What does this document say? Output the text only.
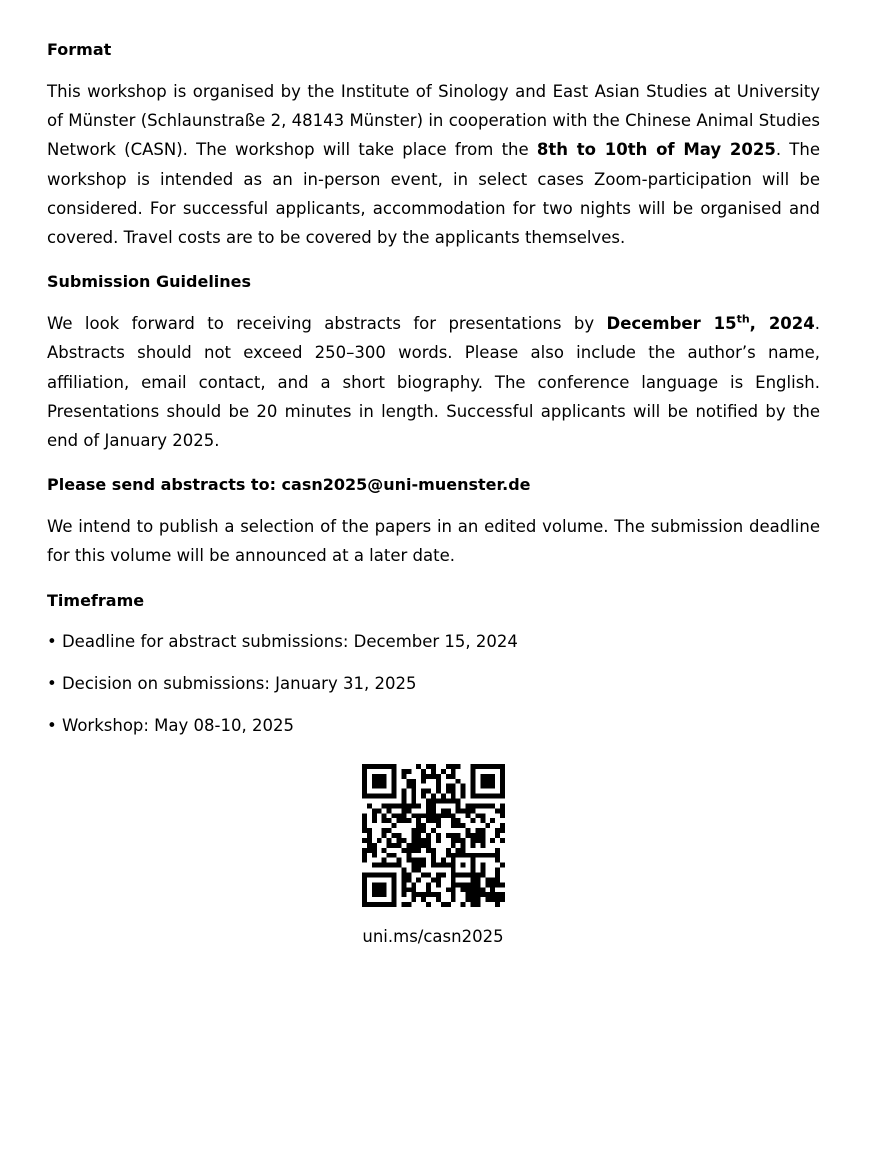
Format

This workshop is organised by the Institute of Sinology and East Asian Studies at University of Münster (Schlaunstraße 2, 48143 Münster) in cooperation with the Chinese Animal Studies Network (CASN). The workshop will take place from the 8th to 10th of May 2025. The workshop is intended as an in-person event, in select cases Zoom-participation will be considered. For successful applicants, accommodation for two nights will be organised and covered. Travel costs are to be covered by the applicants themselves.

Submission Guidelines

We look forward to receiving abstracts for presentations by December 15th, 2024. Abstracts should not exceed 250–300 words. Please also include the author’s name, affiliation, email contact, and a short biography. The conference language is English. Presentations should be 20 minutes in length. Successful applicants will be notified by the end of January 2025.

Please send abstracts to: casn2025@uni-muenster.de

We intend to publish a selection of the papers in an edited volume. The submission deadline for this volume will be announced at a later date.

Timeframe

• Deadline for abstract submissions: December 15, 2024

• Decision on submissions: January 31, 2025

• Workshop: May 08-10, 2025

uni.ms/casn2025
